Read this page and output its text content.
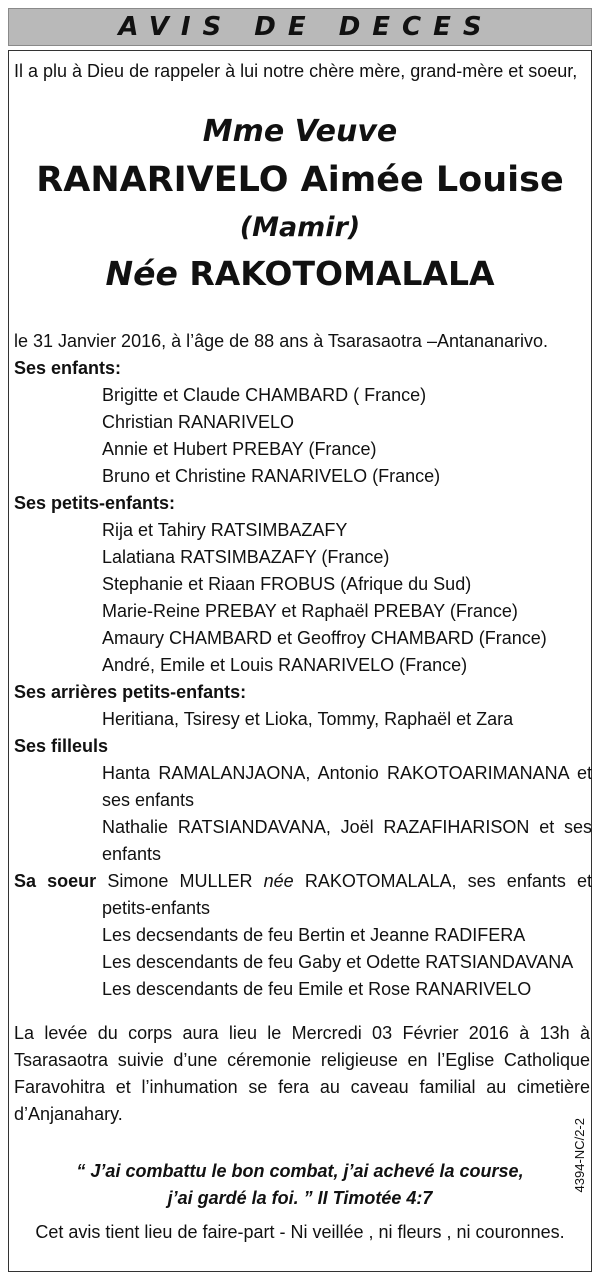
AVIS DE DECES
Il a plu à Dieu de rappeler à lui notre chère mère, grand-mère et soeur,
Mme Veuve
RANARIVELO Aimée Louise
(Mamir)
Née RAKOTOMALALA
le 31 Janvier 2016, à l’âge de 88 ans à Tsarasaotra –Antananarivo.
Ses enfants:
Brigitte et Claude CHAMBARD ( France)
Christian RANARIVELO
Annie et Hubert PREBAY (France)
Bruno et Christine RANARIVELO (France)
Ses petits-enfants:
Rija et Tahiry RATSIMBAZAFY
Lalatiana RATSIMBAZAFY (France)
Stephanie et Riaan FROBUS (Afrique du Sud)
Marie-Reine PREBAY et Raphaël PREBAY (France)
Amaury CHAMBARD et Geoffroy CHAMBARD (France)
André, Emile et Louis RANARIVELO (France)
Ses arrières petits-enfants:
Heritiana, Tsiresy et Lioka, Tommy, Raphaël et Zara
Ses filleuls
Hanta RAMALANJAONA, Antonio RAKOTOARIMANANA et
ses enfants
Nathalie RATSIANDAVANA, Joël RAZAFIHARISON et ses
enfants
Sa soeur Simone MULLER née RAKOTOMALALA, ses enfants et
petits-enfants
Les decsendants de feu Bertin et Jeanne RADIFERA
Les descendants de feu Gaby et Odette RATSIANDAVANA
Les descendants de feu Emile et Rose RANARIVELO
La levée du corps aura lieu le Mercredi 03 Février 2016 à 13h à Tsarasaotra suivie d’une céremonie religieuse en l’Eglise Catholique Faravohitra et l’inhumation se fera au caveau familial au cimetière d’Anjanahary.
“ J’ai combattu le bon combat, j’ai achevé la course,
j’ai gardé la foi. ” II Timotée 4:7
Cet avis tient lieu de faire-part - Ni veillée , ni fleurs , ni couronnes.
4394-NC/2-2
